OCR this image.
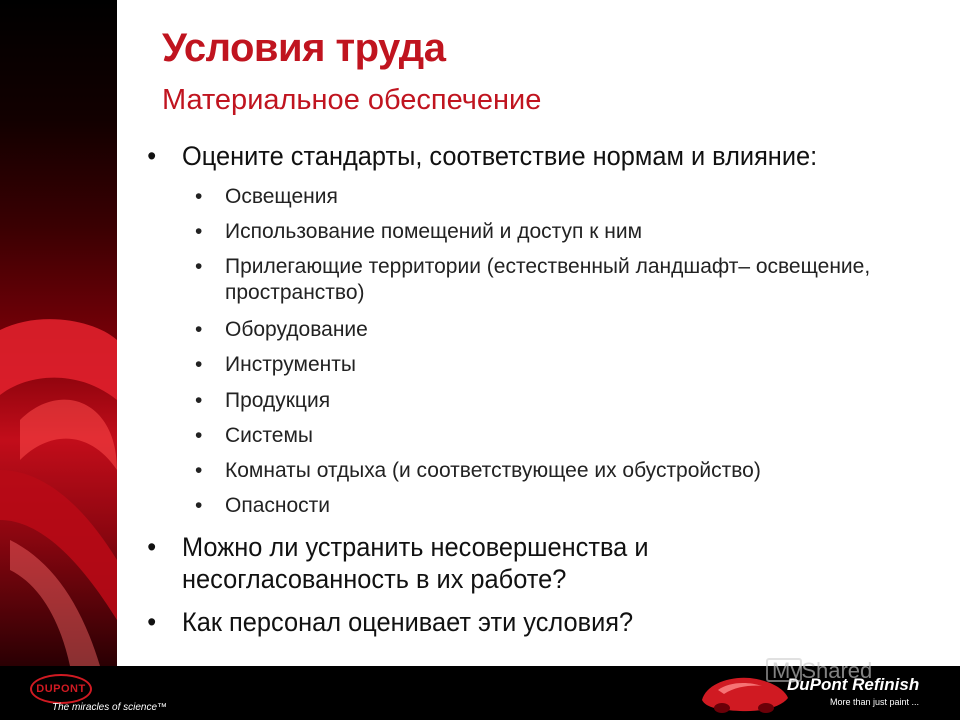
Условия труда
Материальное обеспечение
• Оцените стандарты, соответствие нормам и влияние:
• Освещения
• Использование помещений и доступ к ним
• Прилегающие территории (естественный ландшафт– освещение, пространство)
• Оборудование
• Инструменты
• Продукция
• Системы
• Комнаты отдыха (и соответствующее их обустройство)
• Опасности
• Можно ли устранить несовершенства и несогласованность в их работе?
• Как персонал оценивает эти условия?
DUPONT
The miracles of science™
DuPont Refinish
More than just paint ...
MyShared
